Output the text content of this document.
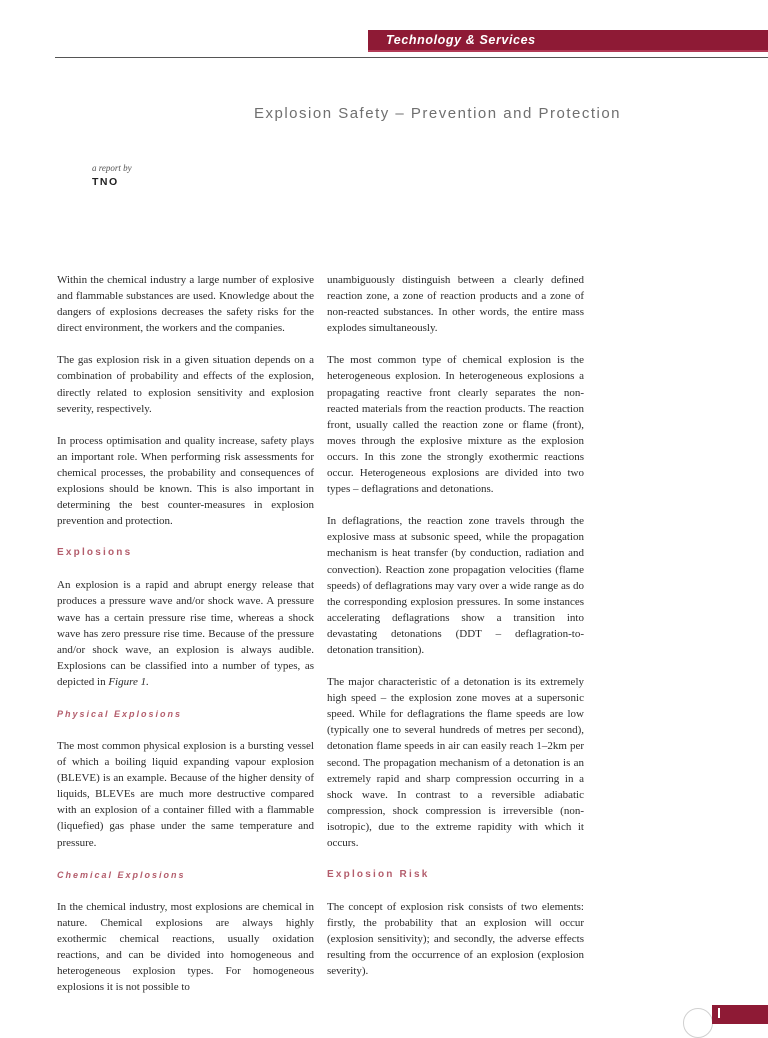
Technology & Services
Explosion Safety – Prevention and Protection
a report by
TNO

Within the chemical industry a large number of explosive and flammable substances are used. Knowledge about the dangers of explosions decreases the safety risks for the direct environment, the workers and the companies.

The gas explosion risk in a given situation depends on a combination of probability and effects of the explosion, directly related to explosion sensitivity and explosion severity, respectively.

In process optimisation and quality increase, safety plays an important role. When performing risk assessments for chemical processes, the probability and consequences of explosions should be known. This is also important in determining the best counter-measures in explosion prevention and protection.

Explosions

An explosion is a rapid and abrupt energy release that produces a pressure wave and/or shock wave. A pressure wave has a certain pressure rise time, whereas a shock wave has zero pressure rise time. Because of the pressure and/or shock wave, an explosion is always audible. Explosions can be classified into a number of types, as depicted in Figure 1.

Physical Explosions

The most common physical explosion is a bursting vessel of which a boiling liquid expanding vapour explosion (BLEVE) is an example. Because of the higher density of liquids, BLEVEs are much more destructive compared with an explosion of a container filled with a flammable (liquefied) gas phase under the same temperature and pressure.

Chemical Explosions

In the chemical industry, most explosions are chemical in nature. Chemical explosions are always highly exothermic chemical reactions, usually oxidation reactions, and can be divided into homogeneous and heterogeneous explosion types. For homogeneous explosions it is not possible to

unambiguously distinguish between a clearly defined reaction zone, a zone of reaction products and a zone of non-reacted substances. In other words, the entire mass explodes simultaneously.

The most common type of chemical explosion is the heterogeneous explosion. In heterogeneous explosions a propagating reactive front clearly separates the non-reacted materials from the reaction products. The reaction front, usually called the reaction zone or flame (front), moves through the explosive mixture as the explosion occurs. In this zone the strongly exothermic reactions occur. Heterogeneous explosions are divided into two types – deflagrations and detonations.

In deflagrations, the reaction zone travels through the explosive mass at subsonic speed, while the propagation mechanism is heat transfer (by conduction, radiation and convection). Reaction zone propagation velocities (flame speeds) of deflagrations may vary over a wide range as do the corresponding explosion pressures. In some instances accelerating deflagrations show a transition into devastating detonations (DDT – deflagration-to-detonation transition).

The major characteristic of a detonation is its extremely high speed – the explosion zone moves at a supersonic speed. While for deflagrations the flame speeds are low (typically one to several hundreds of metres per second), detonation flame speeds in air can easily reach 1–2km per second. The propagation mechanism of a detonation is an extremely rapid and sharp compression occurring in a shock wave. In contrast to a reversible adiabatic compression, shock compression is irreversible (non-isotropic), due to the extreme rapidity with which it occurs.

Explosion Risk

The concept of explosion risk consists of two elements: firstly, the probability that an explosion will occur (explosion sensitivity); and secondly, the adverse effects resulting from the occurrence of an explosion (explosion severity).
